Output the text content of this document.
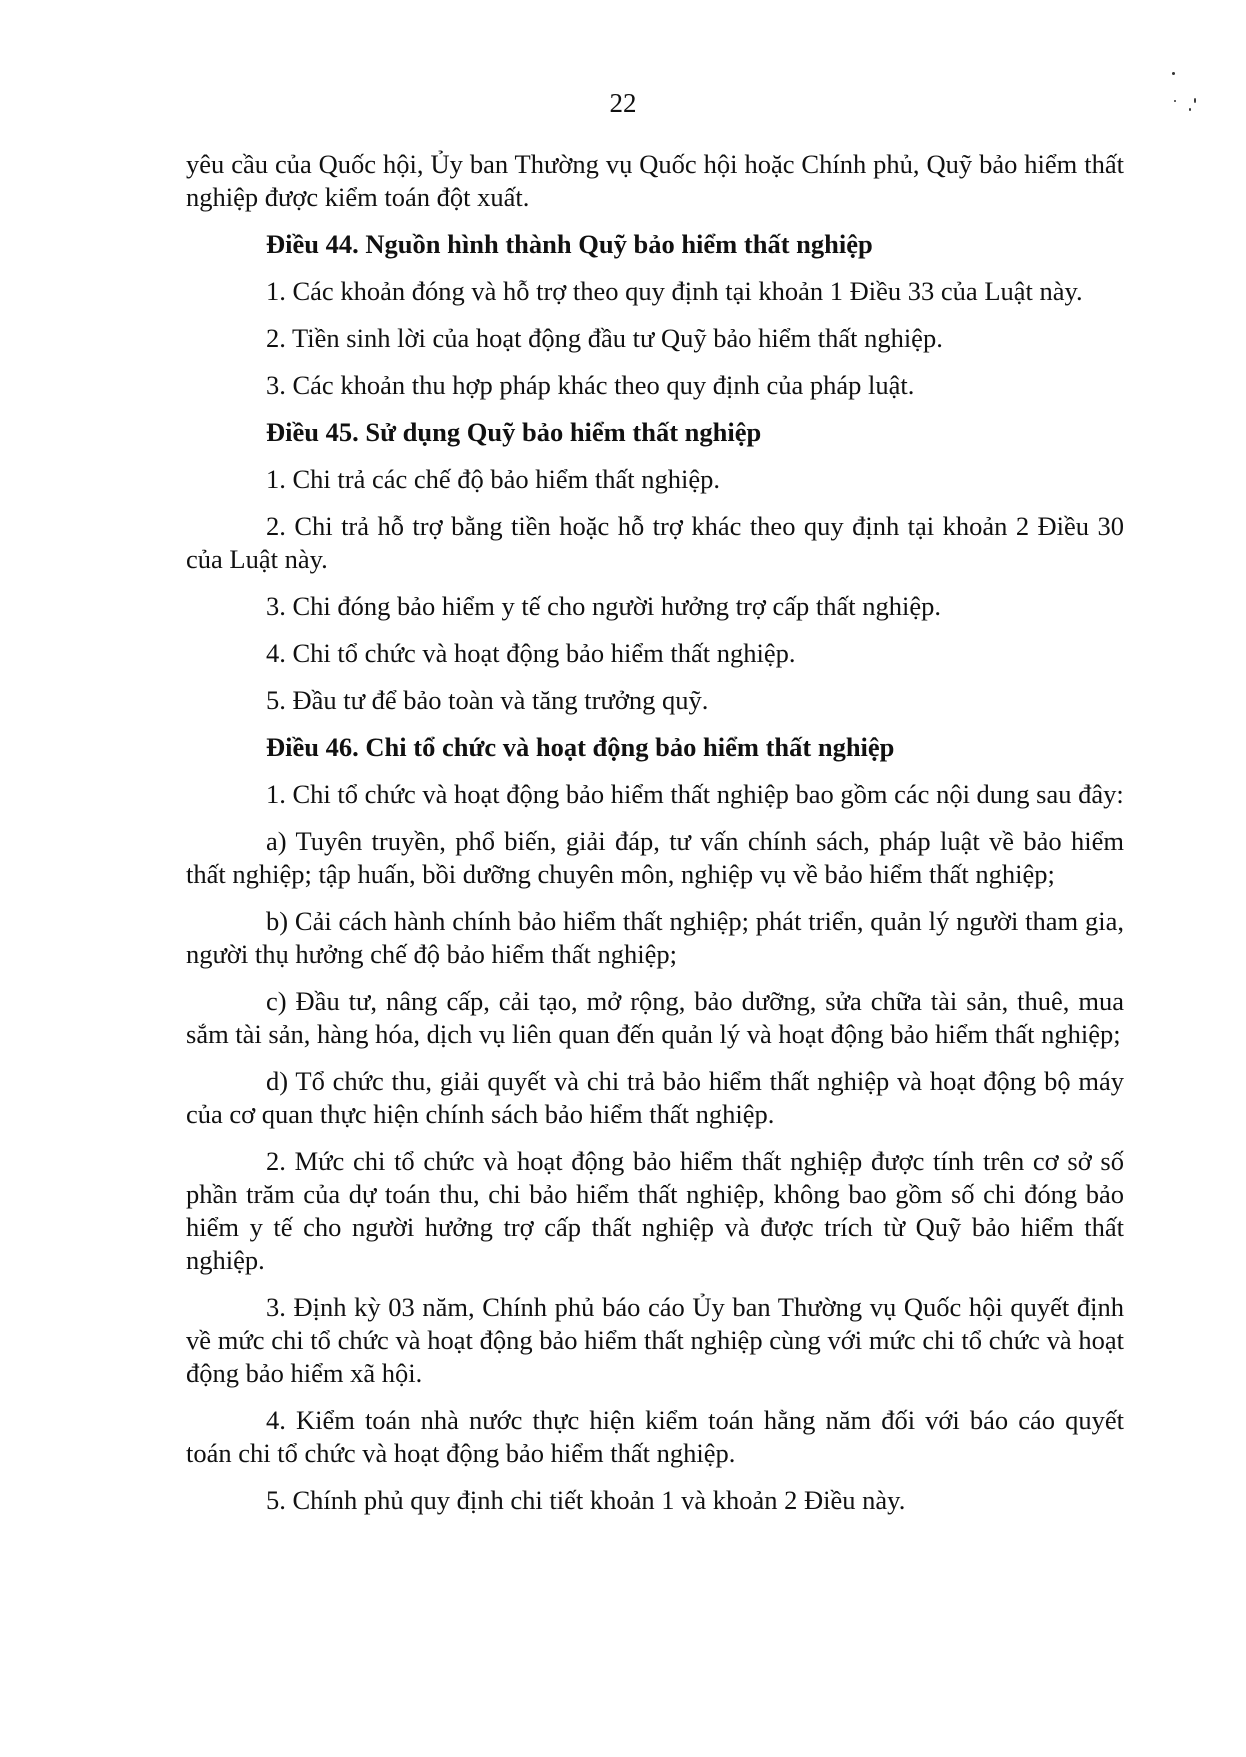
22

yêu cầu của Quốc hội, Ủy ban Thường vụ Quốc hội hoặc Chính phủ, Quỹ bảo hiểm thất nghiệp được kiểm toán đột xuất.

Điều 44. Nguồn hình thành Quỹ bảo hiểm thất nghiệp

1. Các khoản đóng và hỗ trợ theo quy định tại khoản 1 Điều 33 của Luật này.

2. Tiền sinh lời của hoạt động đầu tư Quỹ bảo hiểm thất nghiệp.

3. Các khoản thu hợp pháp khác theo quy định của pháp luật.

Điều 45. Sử dụng Quỹ bảo hiểm thất nghiệp

1. Chi trả các chế độ bảo hiểm thất nghiệp.

2. Chi trả hỗ trợ bằng tiền hoặc hỗ trợ khác theo quy định tại khoản 2 Điều 30 của Luật này.

3. Chi đóng bảo hiểm y tế cho người hưởng trợ cấp thất nghiệp.

4. Chi tổ chức và hoạt động bảo hiểm thất nghiệp.

5. Đầu tư để bảo toàn và tăng trưởng quỹ.

Điều 46. Chi tổ chức và hoạt động bảo hiểm thất nghiệp

1. Chi tổ chức và hoạt động bảo hiểm thất nghiệp bao gồm các nội dung sau đây:

a) Tuyên truyền, phổ biến, giải đáp, tư vấn chính sách, pháp luật về bảo hiểm thất nghiệp; tập huấn, bồi dưỡng chuyên môn, nghiệp vụ về bảo hiểm thất nghiệp;

b) Cải cách hành chính bảo hiểm thất nghiệp; phát triển, quản lý người tham gia, người thụ hưởng chế độ bảo hiểm thất nghiệp;

c) Đầu tư, nâng cấp, cải tạo, mở rộng, bảo dưỡng, sửa chữa tài sản, thuê, mua sắm tài sản, hàng hóa, dịch vụ liên quan đến quản lý và hoạt động bảo hiểm thất nghiệp;

d) Tổ chức thu, giải quyết và chi trả bảo hiểm thất nghiệp và hoạt động bộ máy của cơ quan thực hiện chính sách bảo hiểm thất nghiệp.

2. Mức chi tổ chức và hoạt động bảo hiểm thất nghiệp được tính trên cơ sở số phần trăm của dự toán thu, chi bảo hiểm thất nghiệp, không bao gồm số chi đóng bảo hiểm y tế cho người hưởng trợ cấp thất nghiệp và được trích từ Quỹ bảo hiểm thất nghiệp.

3. Định kỳ 03 năm, Chính phủ báo cáo Ủy ban Thường vụ Quốc hội quyết định về mức chi tổ chức và hoạt động bảo hiểm thất nghiệp cùng với mức chi tổ chức và hoạt động bảo hiểm xã hội.

4. Kiểm toán nhà nước thực hiện kiểm toán hằng năm đối với báo cáo quyết toán chi tổ chức và hoạt động bảo hiểm thất nghiệp.

5. Chính phủ quy định chi tiết khoản 1 và khoản 2 Điều này.
